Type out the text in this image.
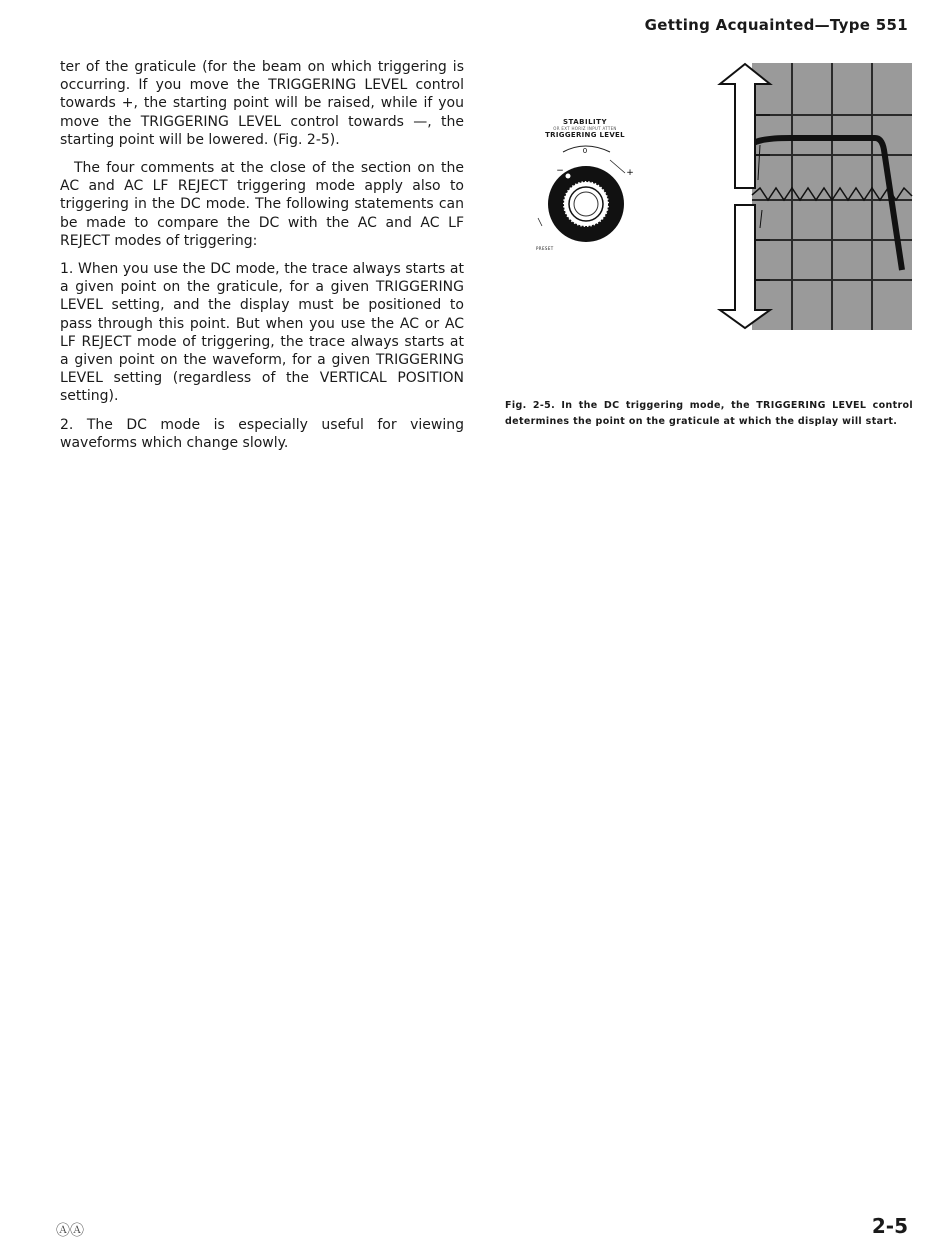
Getting Acquainted—Type 551

ter of the graticule (for the beam on which triggering is occurring. If you move the TRIGGERING LEVEL control towards +, the starting point will be raised, while if you move the TRIGGERING LEVEL control towards —, the starting point will be lowered. (Fig. 2-5).

The four comments at the close of the section on the AC and AC LF REJECT triggering mode apply also to triggering in the DC mode. The following statements can be made to compare the DC with the AC and AC LF REJECT modes of triggering:

1. When you use the DC mode, the trace always starts at a given point on the graticule, for a given TRIGGERING LEVEL setting, and the display must be positioned to pass through this point. But when you use the AC or AC LF REJECT mode of triggering, the trace always starts at a given point on the waveform, for a given TRIGGERING LEVEL setting (regardless of the VERTICAL POSITION setting).

2. The DC mode is especially useful for viewing waveforms which change slowly.

STABILITY
OR EXT HORIZ INPUT ATTEN
TRIGGERING LEVEL
0
−	+
PRESET
Fig. 2-5. In the DC triggering mode, the TRIGGERING LEVEL control determines the point on the graticule at which the display will start.
ⒶⒶ	2-5
